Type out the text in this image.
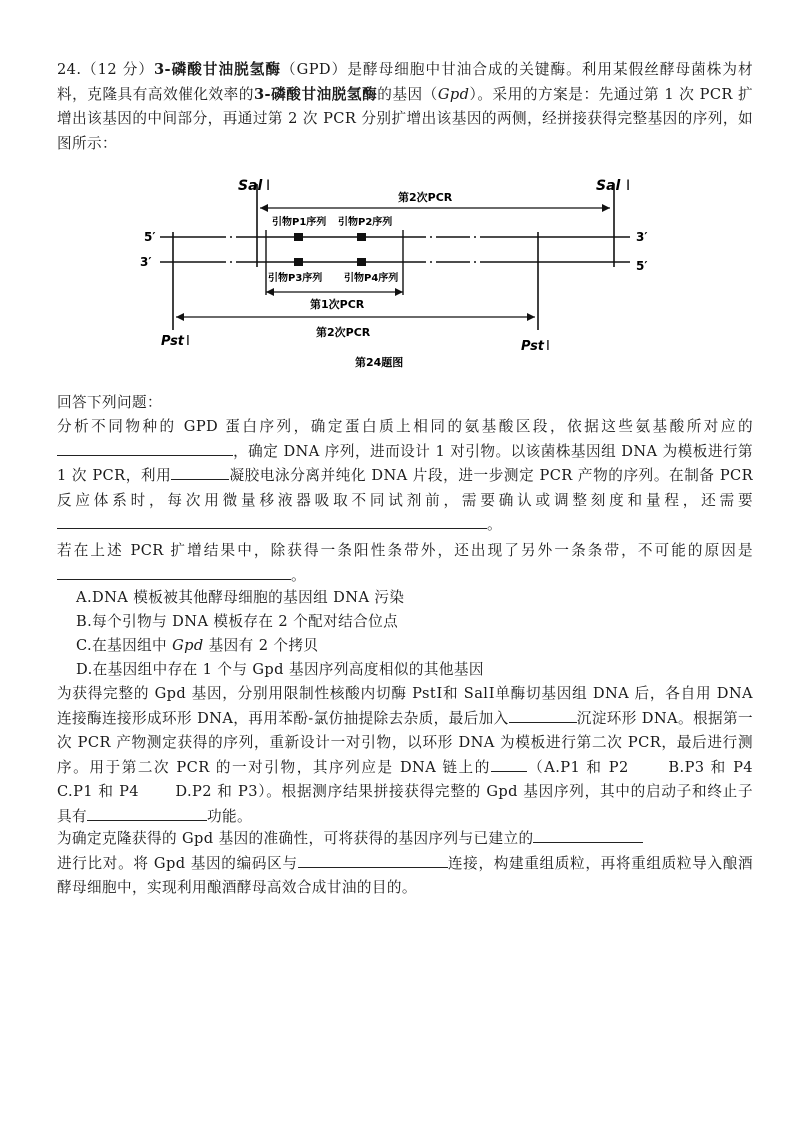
24.（12 分）3-磷酸甘油脱氢酶（GPD）是酵母细胞中甘油合成的关键酶。利用某假丝酵母菌株为材料，克隆具有高效催化效率的3-磷酸甘油脱氢酶的基因（Gpd）。采用的方案是：先通过第 1 次 PCR 扩增出该基因的中间部分，再通过第 2 次 PCR 分别扩增出该基因的两侧，经拼接获得完整基因的序列，如图所示：
Sal Ⅰ	Sal Ⅰ
第2次PCR
引物P1序列 引物P2序列
5′	3′
3′	5′
引物P3序列 引物P4序列
第1次PCR
第2次PCR
Pst Ⅰ	Pst Ⅰ
第24题图
回答下列问题：
分析不同物种的 GPD 蛋白序列，确定蛋白质上相同的氨基酸区段，依据这些氨基酸所对应的，确定 DNA 序列，进而设计 1 对引物。以该菌株基因组 DNA 为模板进行第 1 次 PCR，利用	凝胶电泳分离并纯化 DNA 片段，进一步测定 PCR 产物的序列。在制备 PCR 反应体系时，每次用微量移液器吸取不同试剂前，需要确认或调整刻度和量程，还需要。
若在上述 PCR 扩增结果中，除获得一条阳性条带外，还出现了另外一条条带，不可能的原因是。
A.DNA 模板被其他酵母细胞的基因组 DNA 污染
B.每个引物与 DNA 模板存在 2 个配对结合位点
C.在基因组中 Gpd 基因有 2 个拷贝
D.在基因组中存在 1 个与 Gpd 基因序列高度相似的其他基因
为获得完整的 Gpd 基因，分别用限制性核酸内切酶 PstⅠ和 SalⅠ单酶切基因组 DNA 后，各自用 DNA 连接酶连接形成环形 DNA，再用苯酚-氯仿抽提除去杂质，最后加入	沉淀环形 DNA。根据第一次 PCR 产物测定获得的序列，重新设计一对引物，以环形 DNA 为模板进行第二次 PCR，最后进行测序。用于第二次 PCR 的一对引物，其序列应是 DNA 链上的 （A.P1 和 P2　　 B.P3 和 P4　 C.P1 和 P4　　 D.P2 和 P3）。根据测序结果拼接获得完整的 Gpd 基因序列，其中的启动子和终止子具有	功能。
为确定克隆获得的 Gpd 基因的准确性，可将获得的基因序列与已建立的
进行比对。将 Gpd 基因的编码区与	连接，构建重组质粒，再将重组质粒导入酿酒酵母细胞中，实现利用酿酒酵母高效合成甘油的目的。
